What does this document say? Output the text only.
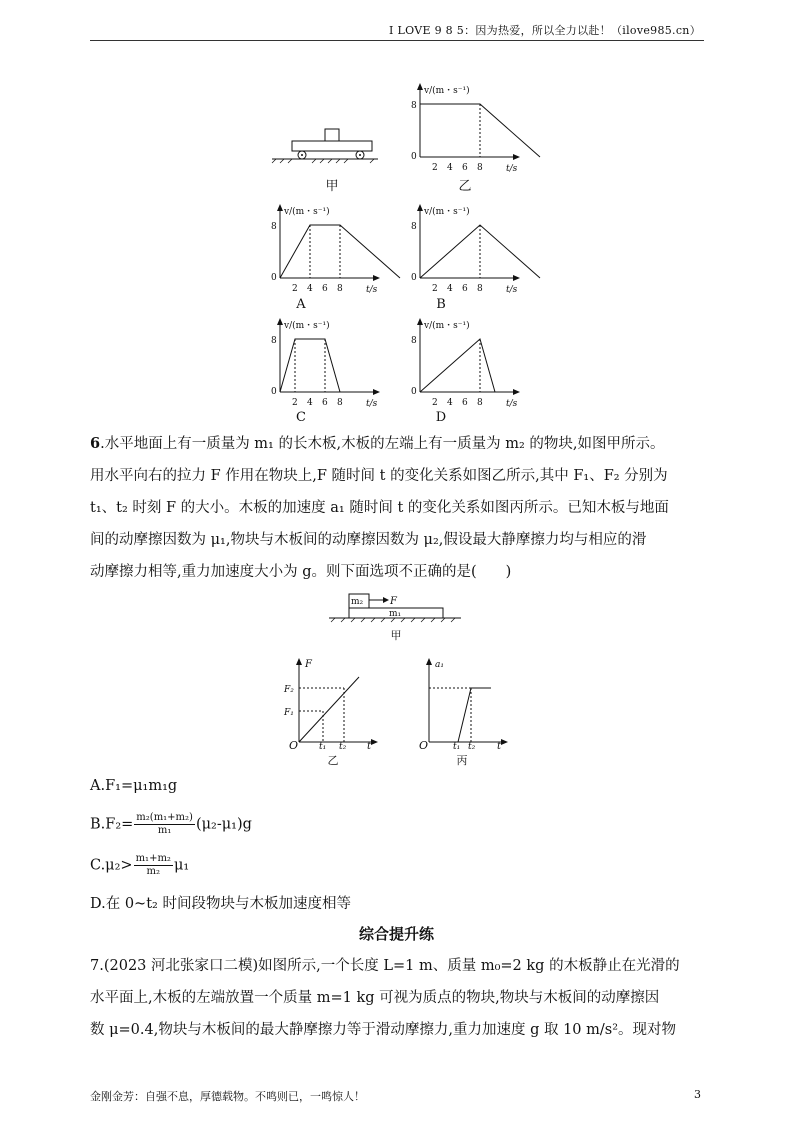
I LOVE 9 8 5：因为热爱，所以全力以赴！（ilove985.cn）
甲
v/(m・s⁻¹)
8
0
2 4 6 8	t/s
乙
v/(m・s⁻¹)
8
0
2 4 6 8	t/s
A
v/(m・s⁻¹)
8
0
2 4 6 8	t/s
B
v/(m・s⁻¹)
8
0
2 4 6 8	t/s
C
v/(m・s⁻¹)
8
0
2 4 6 8	t/s
D

6.水平地面上有一质量为 m₁ 的长木板,木板的左端上有一质量为 m₂ 的物块,如图甲所示。

用水平向右的拉力 F 作用在物块上,F 随时间 t 的变化关系如图乙所示,其中 F₁、F₂ 分别为

t₁、t₂ 时刻 F 的大小。木板的加速度 a₁ 随时间 t 的变化关系如图丙所示。已知木板与地面

间的动摩擦因数为 μ₁,物块与木板间的动摩擦因数为 μ₂,假设最大静摩擦力均与相应的滑

动摩擦力相等,重力加速度大小为 g。则下面选项不正确的是(　　)

m₂	F
m₁
甲
F
F₂
F₁
O t₁ t₂ t
乙
a₁
O	t₁ t₂ t
丙
A.F₁=μ₁m₁g
$B.F_2= \frac{\text{m₂(m₁+m₂)}}{\text{m₁}} (\mu_2-\mu_1)g$
$C.\mu_2> \frac{\text{m₁+m₂}}{\text{m₂}} \mu_1$
D.在 0~t₂ 时间段物块与木板加速度相等
综合提升练

7.(2023 河北张家口二模)如图所示,一个长度 L=1 m、质量 m₀=2 kg 的木板静止在光滑的

水平面上,木板的左端放置一个质量 m=1 kg 可视为质点的物块,物块与木板间的动摩擦因

数 μ=0.4,物块与木板间的最大静摩擦力等于滑动摩擦力,重力加速度 g 取 10 m/s²。现对物

金刚金芳：自强不息，厚德载物。不鸣则已，一鸣惊人！	3
